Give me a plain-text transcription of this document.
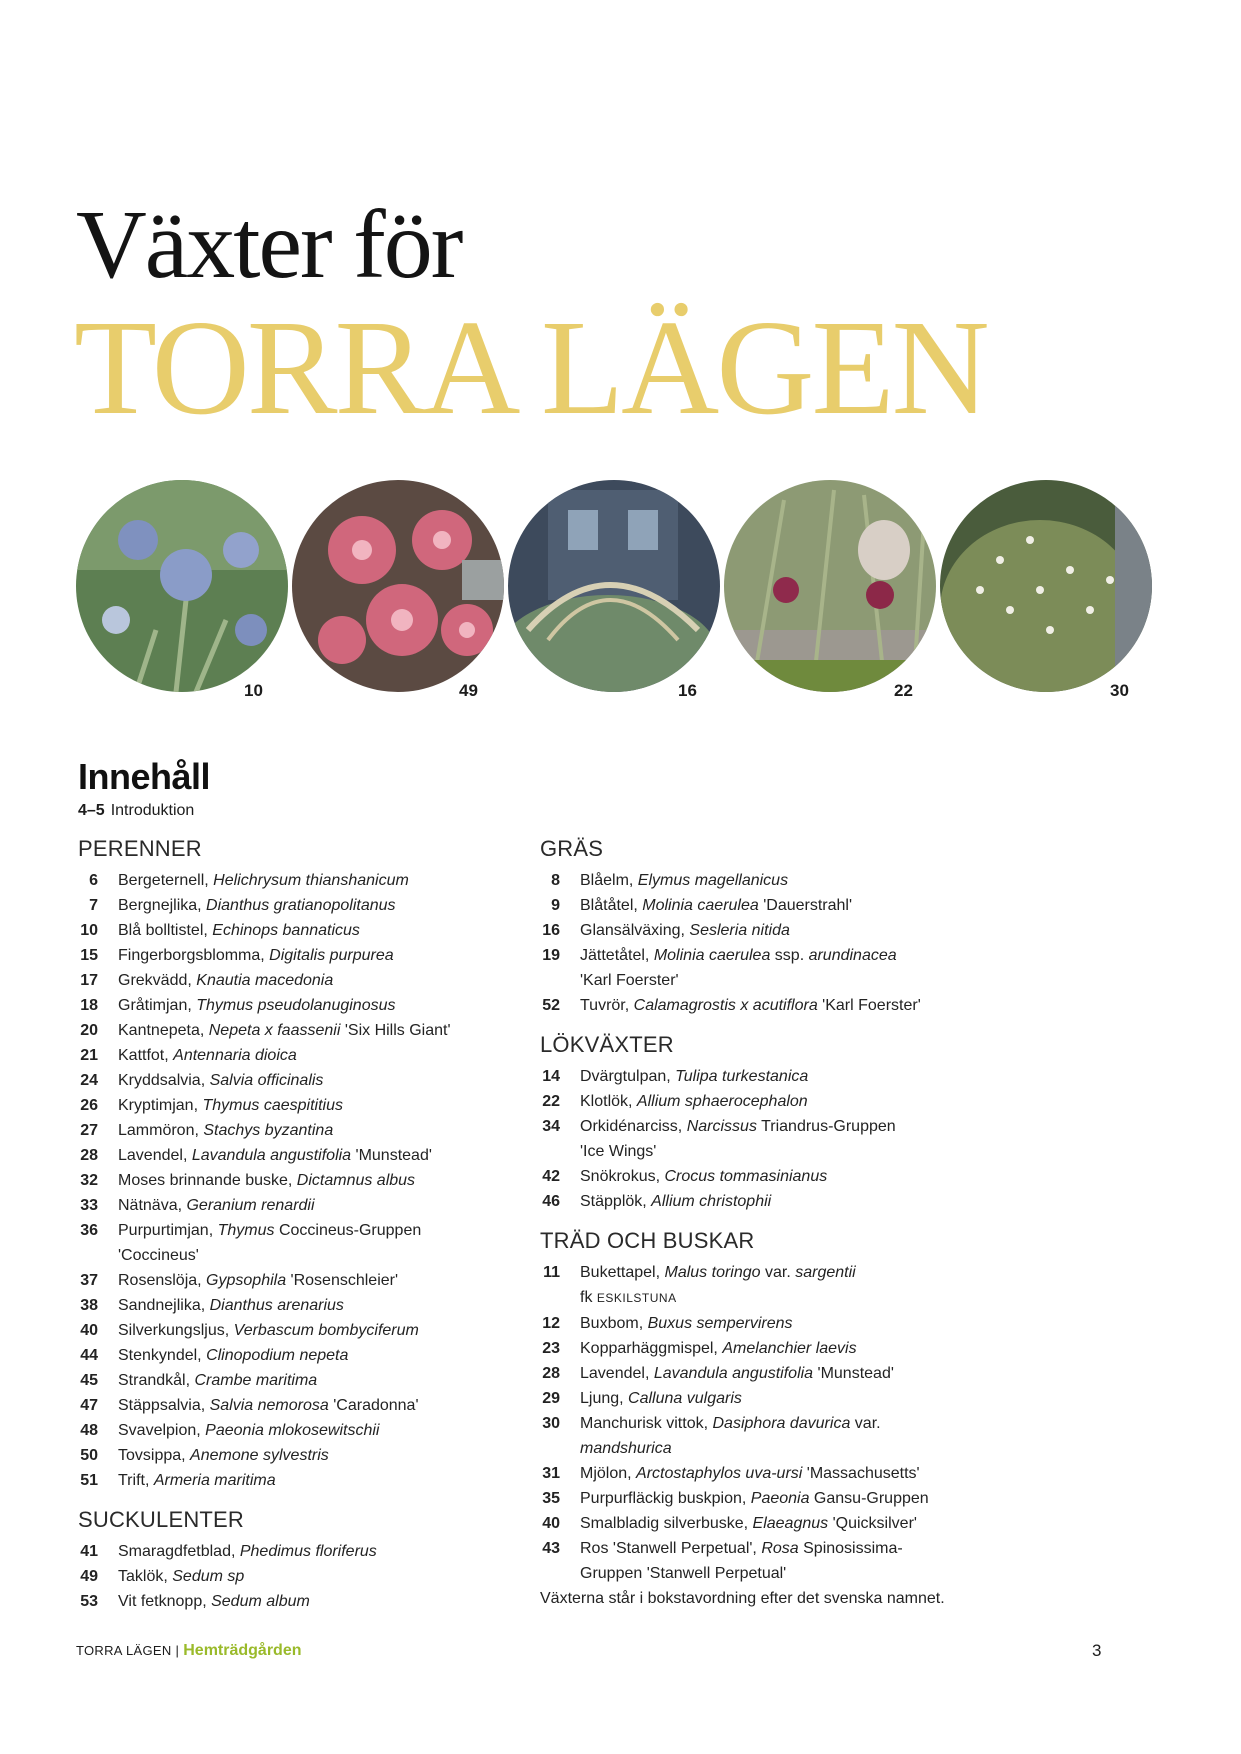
Växter för
TORRA LÄGEN
10	49	16	22	30
Innehåll
4–5 Introduktion
PERENNER
6 Bergeternell, Helichrysum thianshanicum
7 Bergnejlika, Dianthus gratianopolitanus
10 Blå bolltistel, Echinops bannaticus
15 Fingerborgsblomma, Digitalis purpurea
17 Grekvädd, Knautia macedonia
18 Gråtimjan, Thymus pseudolanuginosus
20 Kantnepeta, Nepeta x faassenii 'Six Hills Giant'
21 Kattfot, Antennaria dioica
24 Kryddsalvia, Salvia officinalis
26 Kryptimjan, Thymus caespititius
27 Lammöron, Stachys byzantina
28 Lavendel, Lavandula angustifolia 'Munstead'
32 Moses brinnande buske, Dictamnus albus
33 Nätnäva, Geranium renardii
36 Purpurtimjan, Thymus Coccineus-Gruppen
'Coccineus'
37 Rosenslöja, Gypsophila 'Rosenschleier'
38 Sandnejlika, Dianthus arenarius
40 Silverkungsljus, Verbascum bombyciferum
44 Stenkyndel, Clinopodium nepeta
45 Strandkål, Crambe maritima
47 Stäppsalvia, Salvia nemorosa 'Caradonna'
48 Svavelpion, Paeonia mlokosewitschii
50 Tovsippa, Anemone sylvestris
51 Trift, Armeria maritima
SUCKULENTER
41 Smaragdfetblad, Phedimus floriferus
49 Taklök, Sedum sp
53 Vit fetknopp, Sedum album
GRÄS
8 Blåelm, Elymus magellanicus
9 Blåtåtel, Molinia caerulea 'Dauerstrahl'
16 Glansälväxing, Sesleria nitida
19 Jättetåtel, Molinia caerulea ssp. arundinacea
'Karl Foerster'
52 Tuvrör, Calamagrostis x acutiflora 'Karl Foerster'
LÖKVÄXTER
14 Dvärgtulpan, Tulipa turkestanica
22 Klotlök, Allium sphaerocephalon
34 Orkidénarciss, Narcissus Triandrus-Gruppen
'Ice Wings'
42 Snökrokus, Crocus tommasinianus
46 Stäpplök, Allium christophii
TRÄD OCH BUSKAR
11 Bukettapel, Malus toringo var. sargentii
fk ESKILSTUNA
12 Buxbom, Buxus sempervirens
23 Kopparhäggmispel, Amelanchier laevis
28 Lavendel, Lavandula angustifolia 'Munstead'
29 Ljung, Calluna vulgaris
30 Manchurisk vittok, Dasiphora davurica var.
mandshurica
31 Mjölon, Arctostaphylos uva-ursi 'Massachusetts'
35 Purpurfläckig buskpion, Paeonia Gansu-Gruppen
40 Smalbladig silverbuske, Elaeagnus 'Quicksilver'
43 Ros 'Stanwell Perpetual', Rosa Spinosissima-
Gruppen 'Stanwell Perpetual'
Växterna står i bokstavordning efter det svenska namnet.
TORRA LÄGEN | Hemträdgården	3
